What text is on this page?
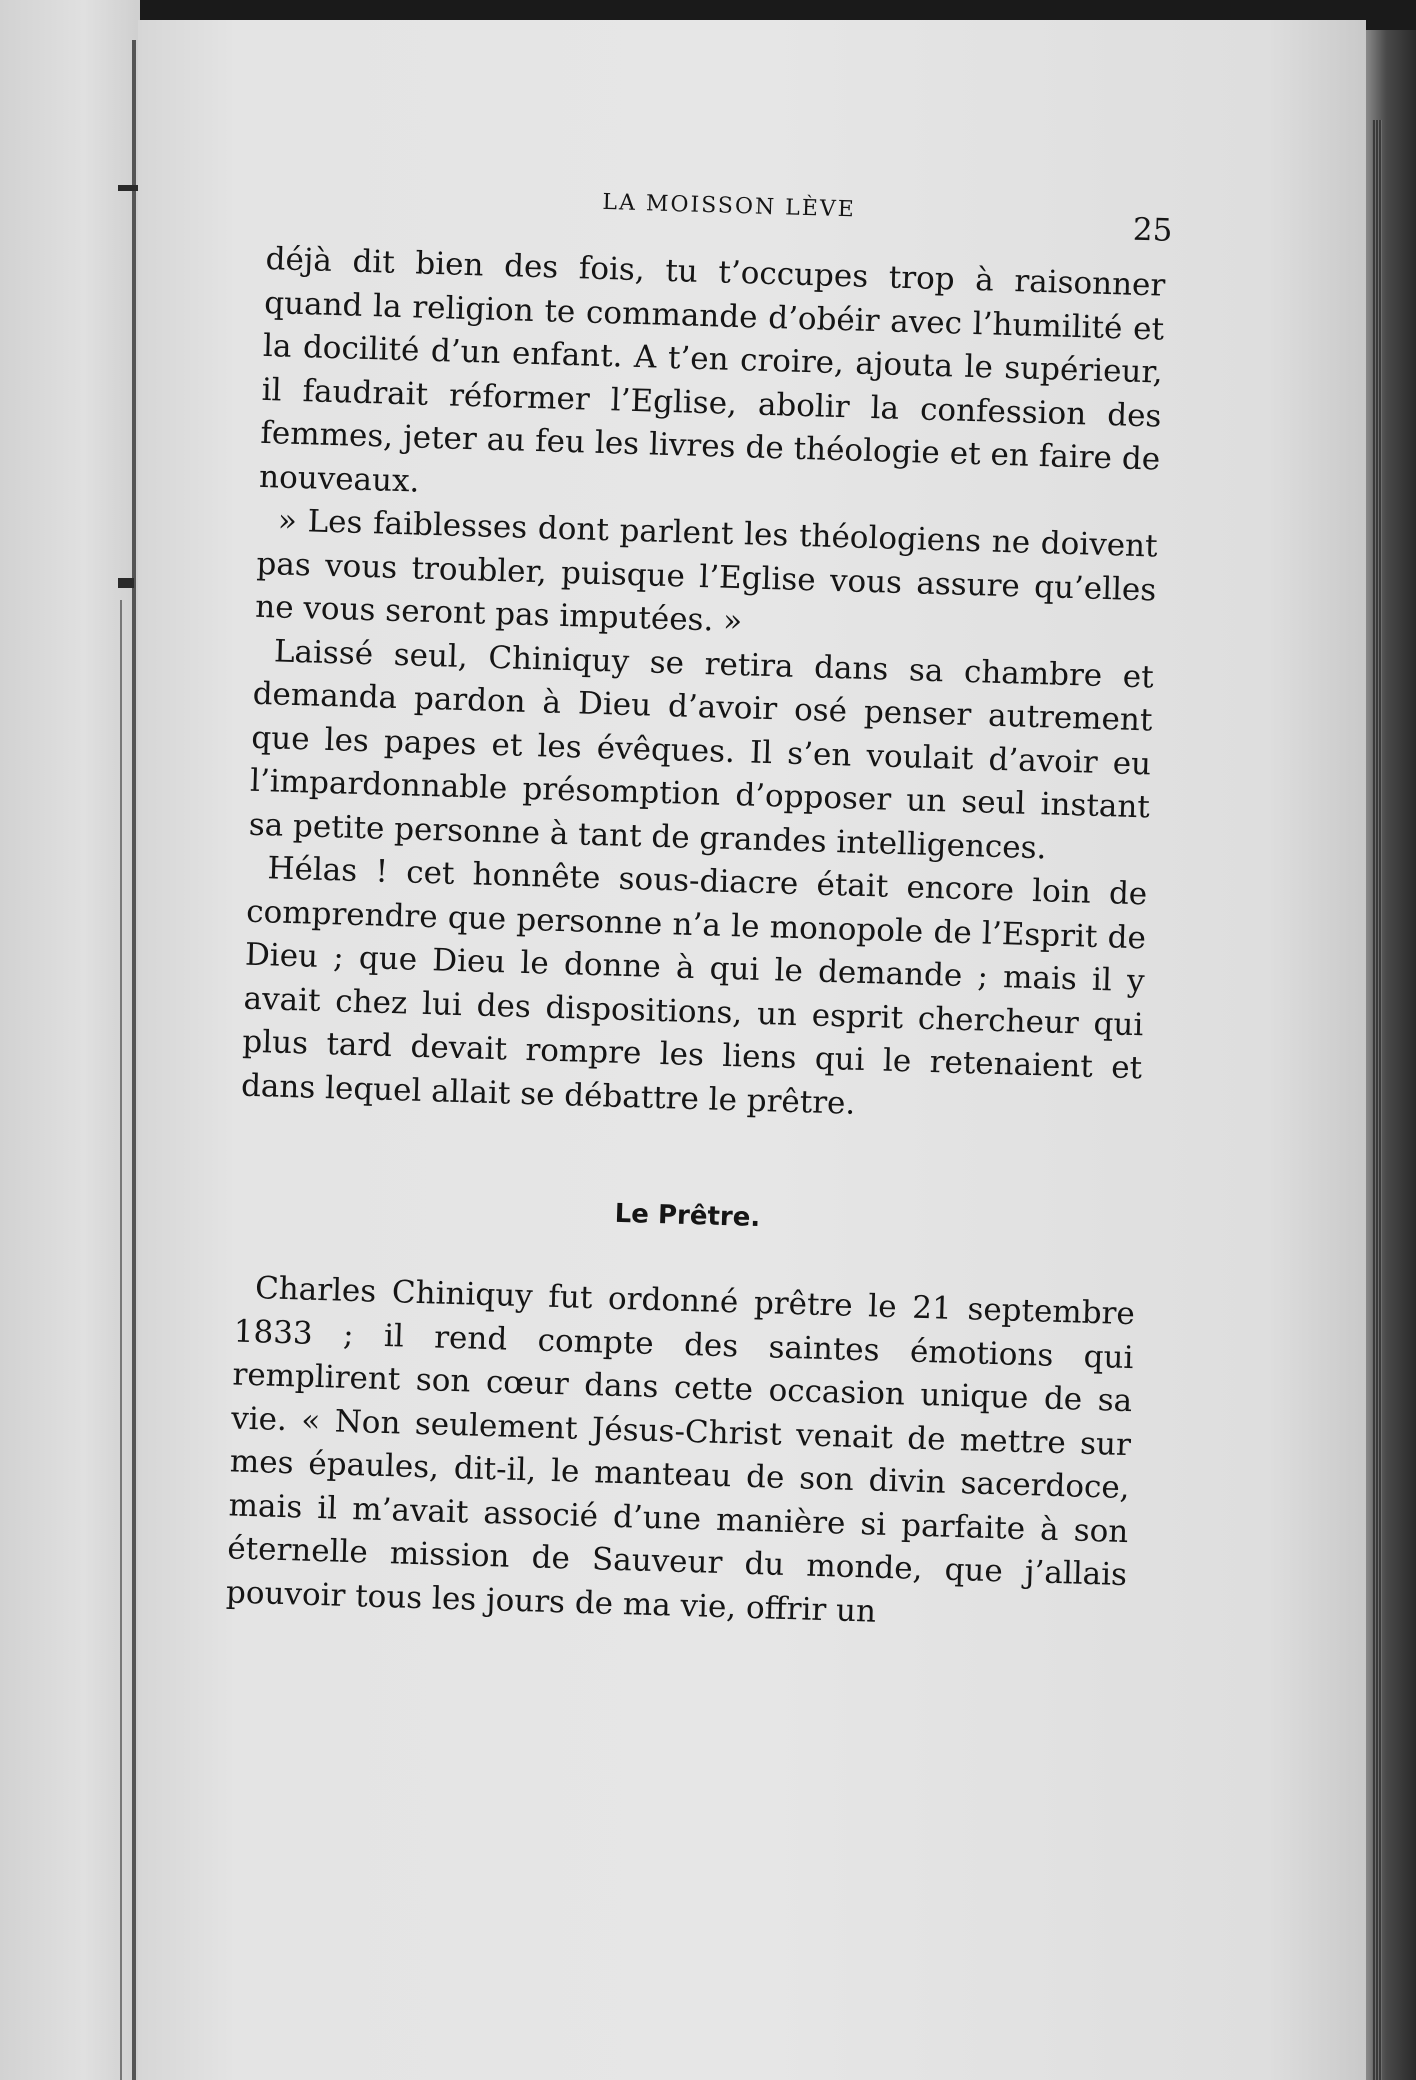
LA MOISSON LÈVE
25

déjà dit bien des fois, tu t’occupes trop à raisonner quand la religion te commande d’obéir avec l’humilité et la docilité d’un enfant. A t’en croire, ajouta le supérieur, il faudrait réformer l’Eglise, abolir la confession des femmes, jeter au feu les livres de théologie et en faire de nouveaux.

» Les faiblesses dont parlent les théologiens ne doivent pas vous troubler, puisque l’Eglise vous assure qu’elles ne vous seront pas imputées. »

Laissé seul, Chiniquy se retira dans sa chambre et demanda pardon à Dieu d’avoir osé penser autrement que les papes et les évêques. Il s’en voulait d’avoir eu l’impardonnable présomption d’opposer un seul instant sa petite personne à tant de grandes intelligences.

Hélas ! cet honnête sous-diacre était encore loin de comprendre que personne n’a le monopole de l’Esprit de Dieu ; que Dieu le donne à qui le demande ; mais il y avait chez lui des dispositions, un esprit chercheur qui plus tard devait rompre les liens qui le retenaient et dans lequel allait se débattre le prêtre.

Le Prêtre.

Charles Chiniquy fut ordonné prêtre le 21 septembre 1833 ; il rend compte des saintes émotions qui remplirent son cœur dans cette occasion unique de sa vie. « Non seulement Jésus-Christ venait de mettre sur mes épaules, dit-il, le manteau de son divin sacerdoce, mais il m’avait associé d’une manière si parfaite à son éternelle mission de Sauveur du monde, que j’allais pouvoir tous les jours de ma vie, offrir un
